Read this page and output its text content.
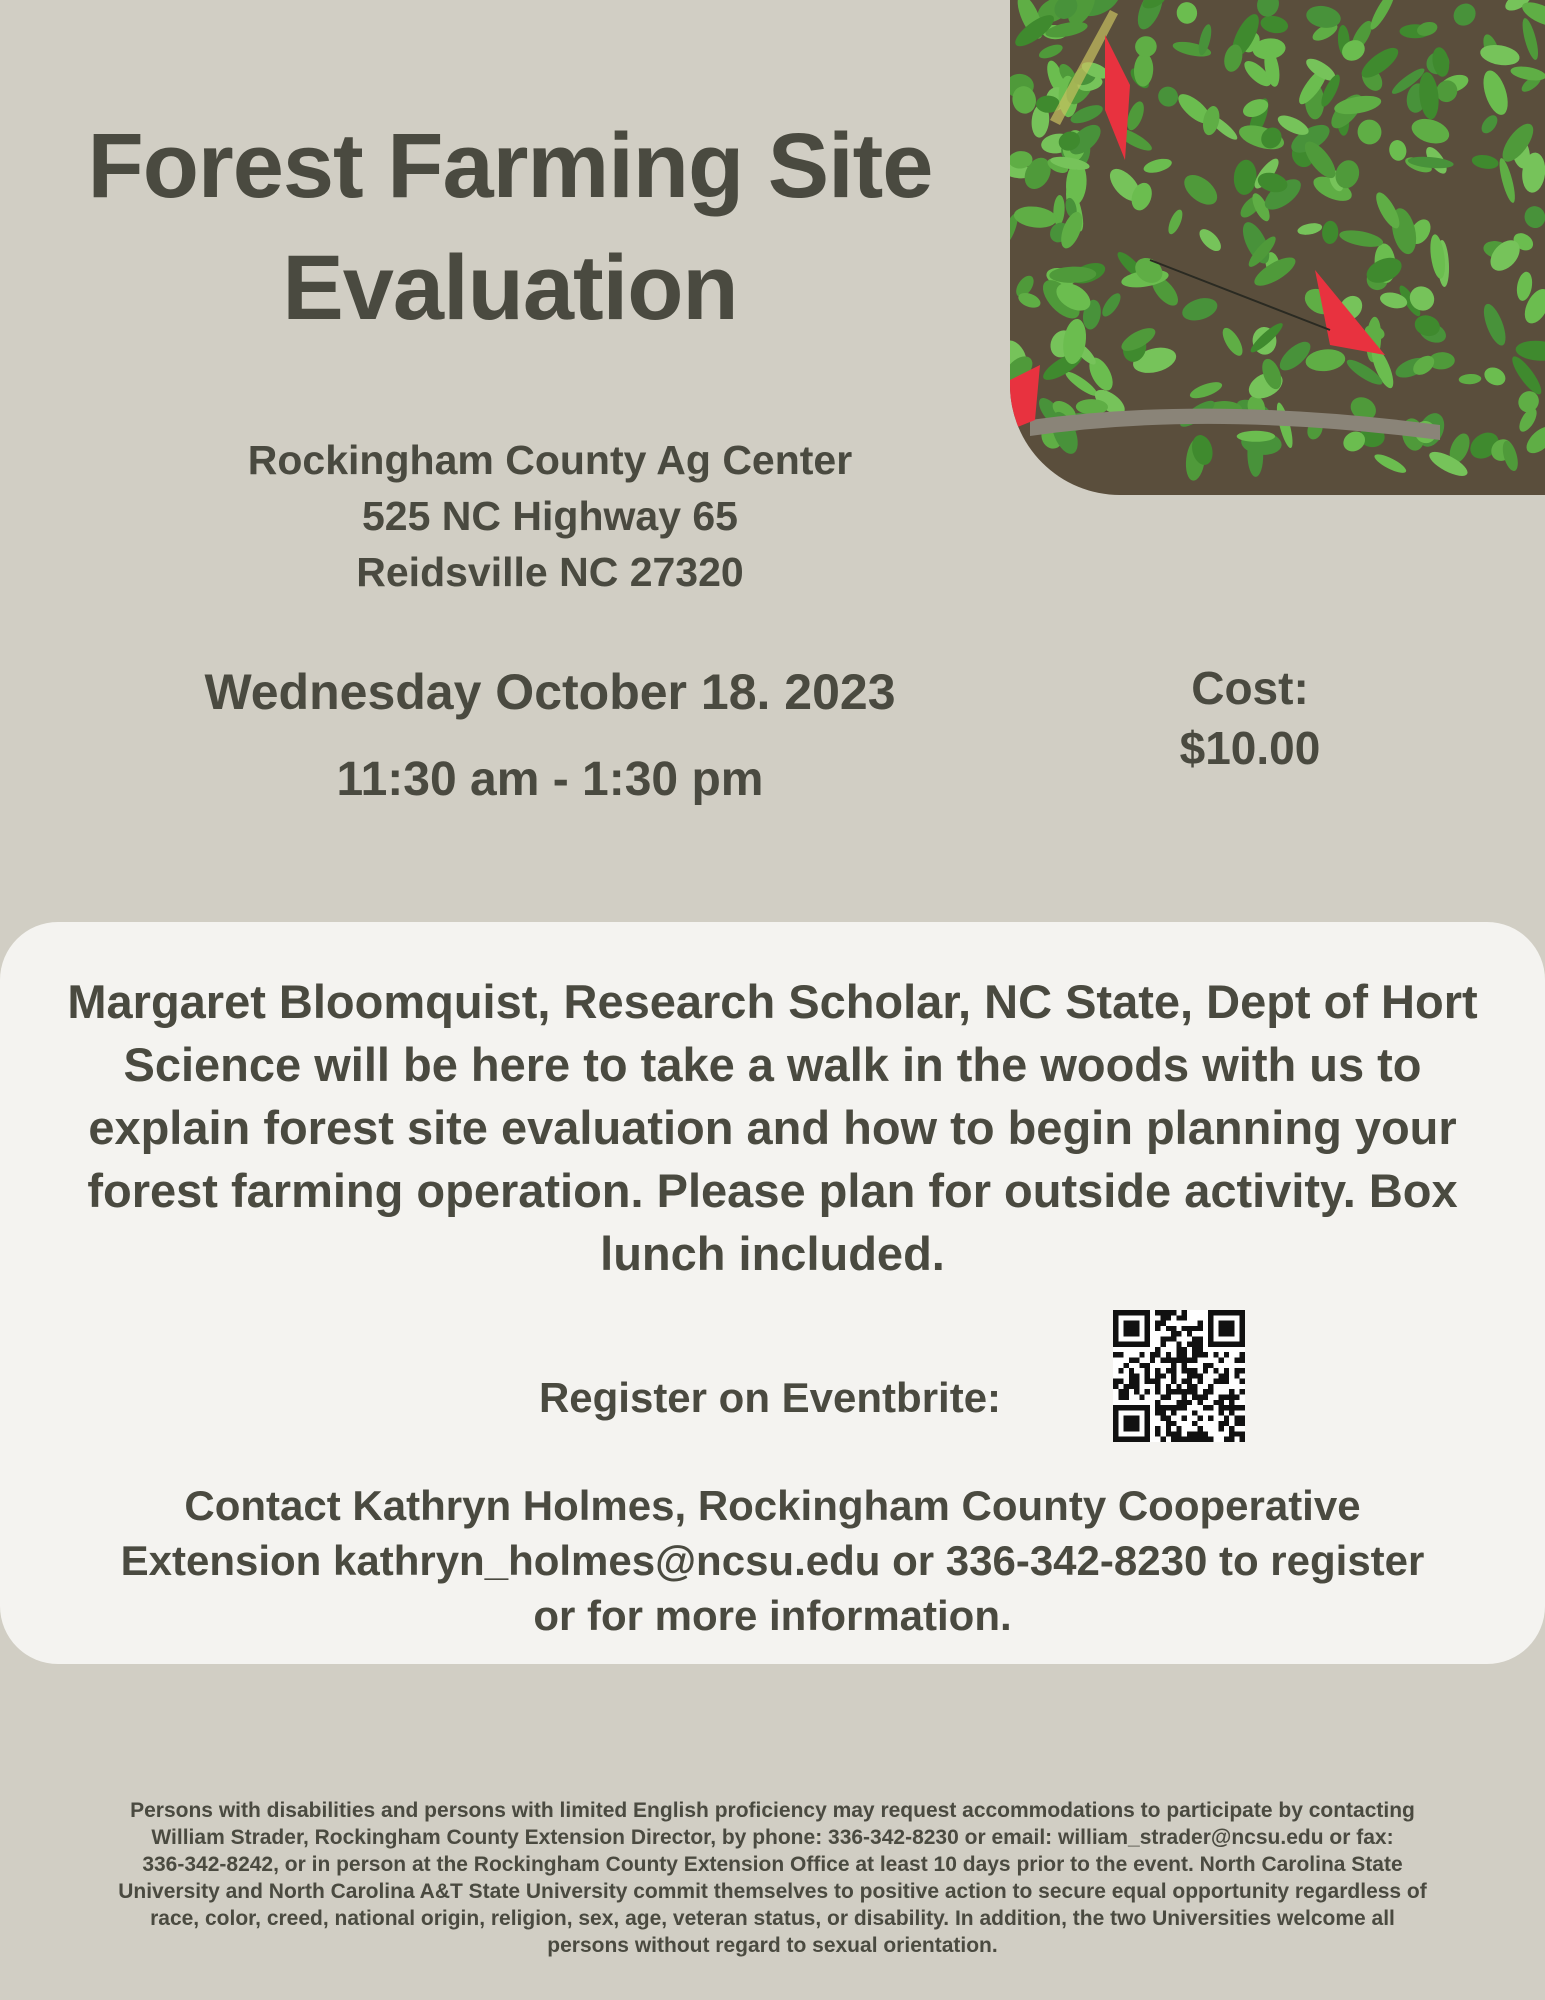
Forest Farming Site
Evaluation
Rockingham County Ag Center
525 NC Highway 65
Reidsville NC 27320
Wednesday October 18. 2023
11:30 am - 1:30 pm
Cost:
$10.00
Margaret Bloomquist, Research Scholar, NC State, Dept of Hort
Science will be here to take a walk in the woods with us to
explain forest site evaluation and how to begin planning your
forest farming operation. Please plan for outside activity. Box
lunch included.
Register on Eventbrite:
Contact Kathryn Holmes, Rockingham County Cooperative
Extension kathryn_holmes@ncsu.edu or 336-342-8230 to register
or for more information.
Persons with disabilities and persons with limited English proficiency may request accommodations to participate by contacting
William Strader, Rockingham County Extension Director, by phone: 336-342-8230 or email: william_strader@ncsu.edu or fax:
336-342-8242, or in person at the Rockingham County Extension Office at least 10 days prior to the event. North Carolina State
University and North Carolina A&T State University commit themselves to positive action to secure equal opportunity regardless of
race, color, creed, national origin, religion, sex, age, veteran status, or disability. In addition, the two Universities welcome all
persons without regard to sexual orientation.
